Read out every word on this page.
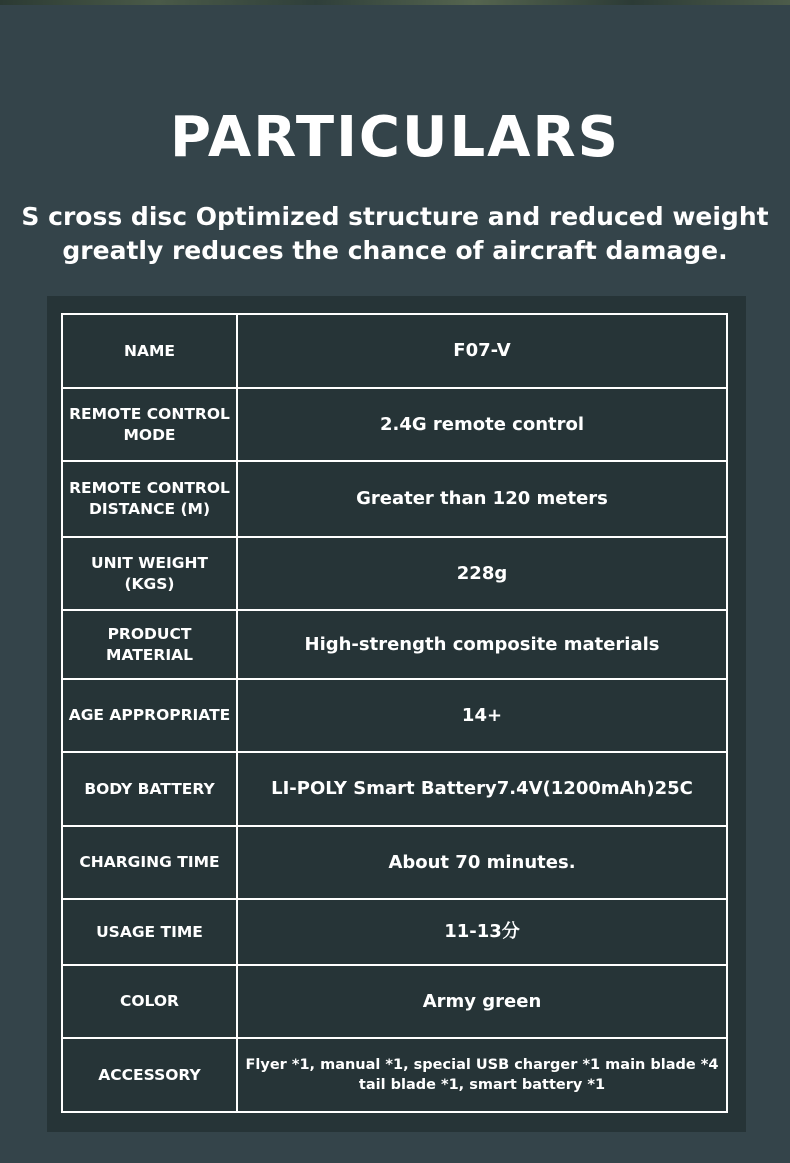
PARTICULARS

S cross disc Optimized structure and reduced weight greatly reduces the chance of aircraft damage.

NAME	F07-V
REMOTE CONTROL MODE	2.4G remote control
REMOTE CONTROL DISTANCE (M)	Greater than 120 meters
UNIT WEIGHT (KGS)	228g
PRODUCT MATERIAL	High-strength composite materials
AGE APPROPRIATE	14+
BODY BATTERY	LI-POLY Smart Battery7.4V(1200mAh)25C
CHARGING TIME	About 70 minutes.
USAGE TIME	11-13分
COLOR	Army green
ACCESSORY	Flyer *1, manual *1, special USB charger *1 main blade *4 tail blade *1, smart battery *1
